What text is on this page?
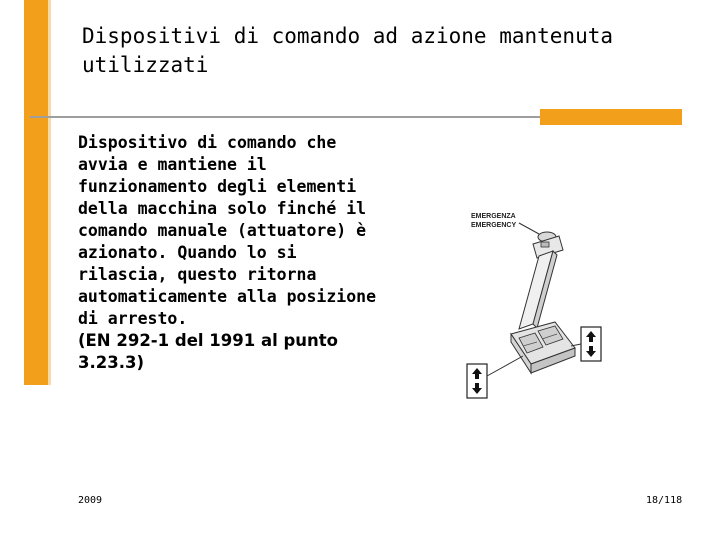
Dispositivi di comando ad azione mantenuta utilizzati
Dispositivo di comando che avvia e mantiene il funzionamento degli elementi della macchina solo finché il comando manuale (attuatore) è azionato. Quando lo si rilascia, questo ritorna automaticamente alla posizione di arresto.
(EN 292-1 del 1991 al punto 3.23.3)
EMERGENZA
EMERGENCY
2009	18/118
